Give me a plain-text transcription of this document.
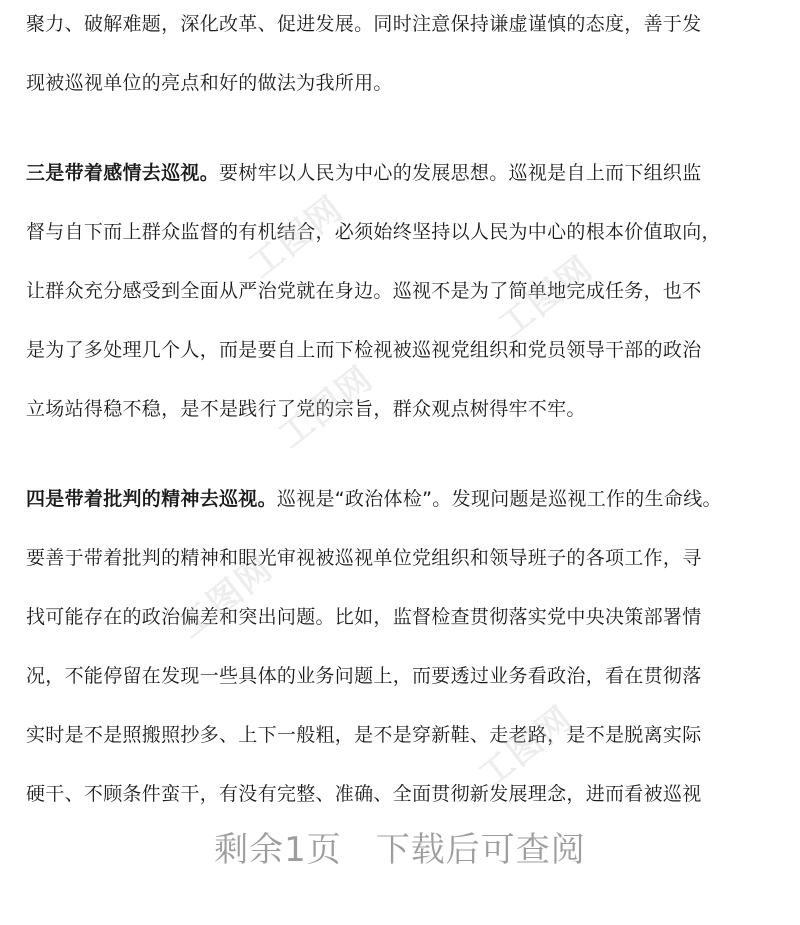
聚力、破解难题，深化改革、促进发展。同时注意保持谦虚谨慎的态度，善于发
现被巡视单位的亮点和好的做法为我所用。
三是带着感情去巡视。要树牢以人民为中心的发展思想。巡视是自上而下组织监
督与自下而上群众监督的有机结合，必须始终坚持以人民为中心的根本价值取向，
让群众充分感受到全面从严治党就在身边。巡视不是为了简单地完成任务，也不
是为了多处理几个人，而是要自上而下检视被巡视党组织和党员领导干部的政治
立场站得稳不稳，是不是践行了党的宗旨，群众观点树得牢不牢。
四是带着批判的精神去巡视。巡视是“政治体检”。发现问题是巡视工作的生命线。
要善于带着批判的精神和眼光审视被巡视单位党组织和领导班子的各项工作，寻
找可能存在的政治偏差和突出问题。比如，监督检查贯彻落实党中央决策部署情
况，不能停留在发现一些具体的业务问题上，而要透过业务看政治，看在贯彻落
实时是不是照搬照抄多、上下一般粗，是不是穿新鞋、走老路，是不是脱离实际
硬干、不顾条件蛮干，有没有完整、准确、全面贯彻新发展理念，进而看被巡视
工图网
工图网
工图网
工图网
工图网
剩余1页 下载后可查阅
